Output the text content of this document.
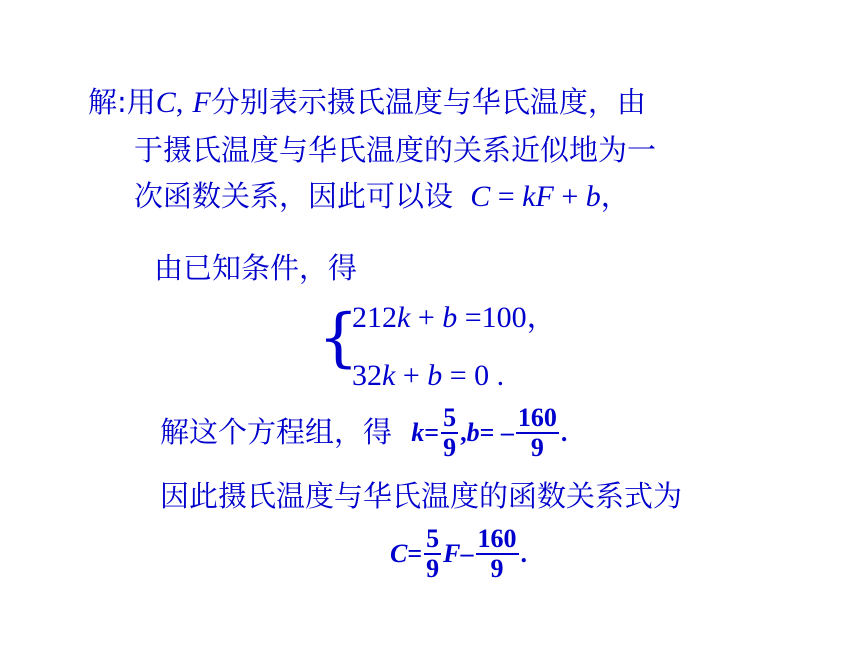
解:用C, F分别表示摄氏温度与华氏温度，由
于摄氏温度与华氏温度的关系近似地为一
次函数关系，因此可以设 C = kF + b，
由已知条件，得
{
212k + b =100，
32k + b = 0 .
解这个方程组，得 $k= \frac{5}{9} ,b= - \frac{160}{9}$ .
因此摄氏温度与华氏温度的函数关系式为
$C= \frac{5}{9} F- \frac{160}{9}$ .
